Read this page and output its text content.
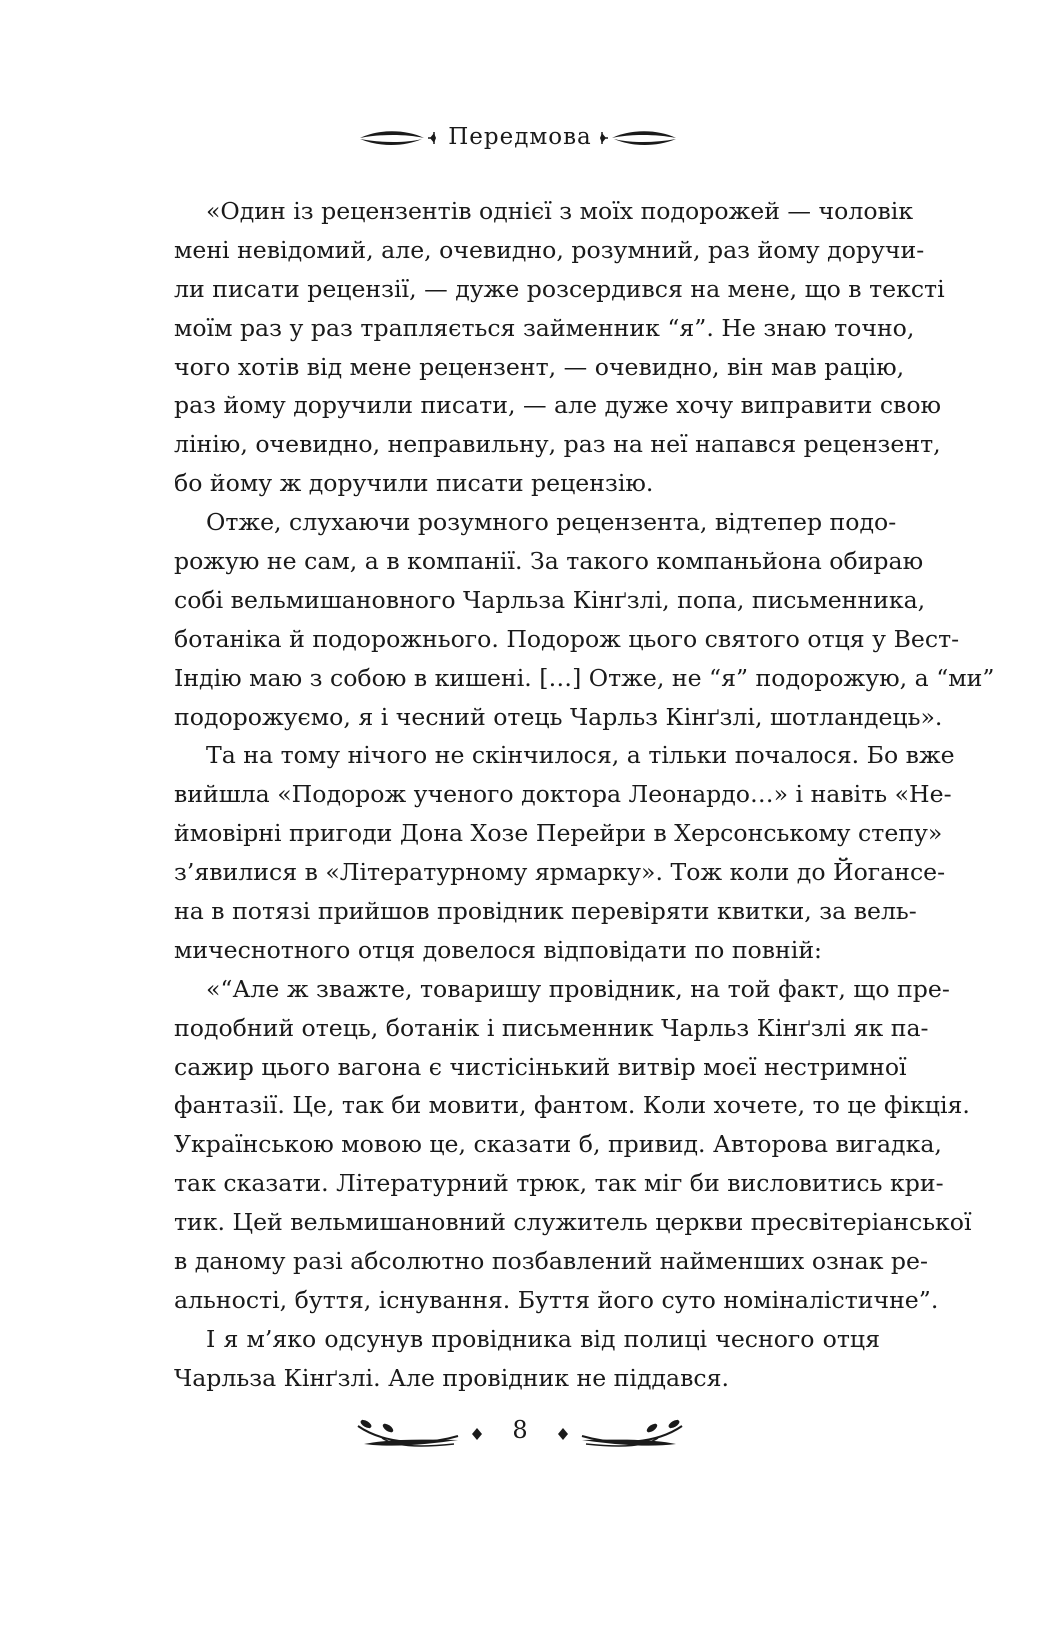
Передмова
«Один із рецензентів однієї з моїх подорожей — чоловік
мені невідомий, але, очевидно, розумний, раз йому доручи-
ли писати рецензії, — дуже розсердився на мене, що в тексті
моїм раз у раз трапляється займенник “я”. Не знаю точно,
чого хотів від мене рецензент, — очевидно, він мав рацію,
раз йому доручили писати, — але дуже хочу виправити свою
лінію, очевидно, неправильну, раз на неї напався рецензент,
бо йому ж доручили писати рецензію.
Отже, слухаючи розумного рецензента, відтепер подо-
рожую не сам, а в компанії. За такого компаньйона обираю
собі вельмишановного Чарльза Кінґзлі, попа, письменника,
ботаніка й подорожнього. Подорож цього святого отця у Вест-
Індію маю з собою в кишені. […] Отже, не “я” подорожую, а “ми”
подорожуємо, я і чесний отець Чарльз Кінґзлі, шотландець».
Та на тому нічого не скінчилося, а тільки почалося. Бо вже
вийшла «Подорож ученого доктора Леонардо…» і навіть «Не-
ймовірні пригоди Дона Хозе Перейри в Херсонському степу»
з’явилися в «Літературному ярмарку». Тож коли до Йогансе-
на в потязі прийшов провідник перевіряти квитки, за вель-
мичеснотного отця довелося відповідати по повній:
«“Але ж зважте, товаришу провідник, на той факт, що пре-
подобний отець, ботанік і письменник Чарльз Кінґзлі як па-
сажир цього вагона є чистісінький витвір моєї нестримної
фантазії. Це, так би мовити, фантом. Коли хочете, то це фікція.
Українською мовою це, сказати б, привид. Авторова вигадка,
так сказати. Літературний трюк, так міг би висловитись кри-
тик. Цей вельмишановний служитель церкви пресвітеріанської
в даному разі абсолютно позбавлений найменших ознак ре-
альності, буття, існування. Буття його суто номіналістичне”.
І я м’яко одсунув провідника від полиці чесного отця
Чарльза Кінґзлі. Але провідник не піддався.
8
